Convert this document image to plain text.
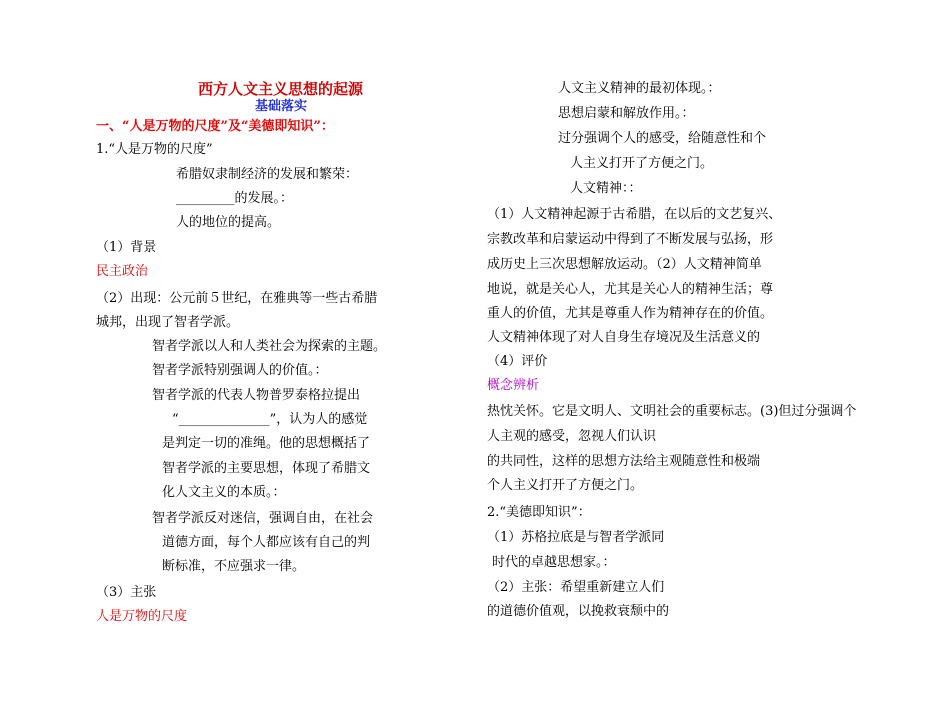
西方人文主义思想的起源
基础落实
一、“人是万物的尺度”及“美德即知识”：
1.“人是万物的尺度”
希腊奴隶制经济的发展和繁荣：
_________的发展。：
人的地位的提高。
（1）背景
民主政治
（2）出现：公元前５世纪，在雅典等一些古希腊
城邦，出现了智者学派。
智者学派以人和人类社会为探索的主题。
智者学派特别强调人的价值。：
智者学派的代表人物普罗泰格拉提出
“______________”，认为人的感觉
是判定一切的准绳。他的思想概括了
智者学派的主要思想，体现了希腊文
化人文主义的本质。：
智者学派反对迷信，强调自由，在社会
道德方面，每个人都应该有自己的判
断标准，不应强求一律。
（3）主张
人是万物的尺度
人文主义精神的最初体现。：
思想启蒙和解放作用。：
过分强调个人的感受，给随意性和个
人主义打开了方便之门。
人文精神：：
（1）人文精神起源于古希腊，在以后的文艺复兴、
宗教改革和启蒙运动中得到了不断发展与弘扬，形
成历史上三次思想解放运动。（2）人文精神简单
地说，就是关心人，尤其是关心人的精神生活；尊
重人的价值，尤其是尊重人作为精神存在的价值。
人文精神体现了对人自身生存境况及生活意义的
（4）评价
概念辨析
热忱关怀。它是文明人、文明社会的重要标志。(3)但过分强调个
人主观的感受，忽视人们认识
的共同性，这样的思想方法给主观随意性和极端
个人主义打开了方便之门。
2.“美德即知识”：
（1）苏格拉底是与智者学派同
时代的卓越思想家。：
（2）主张：希望重新建立人们
的道德价值观，以挽救衰颓中的
